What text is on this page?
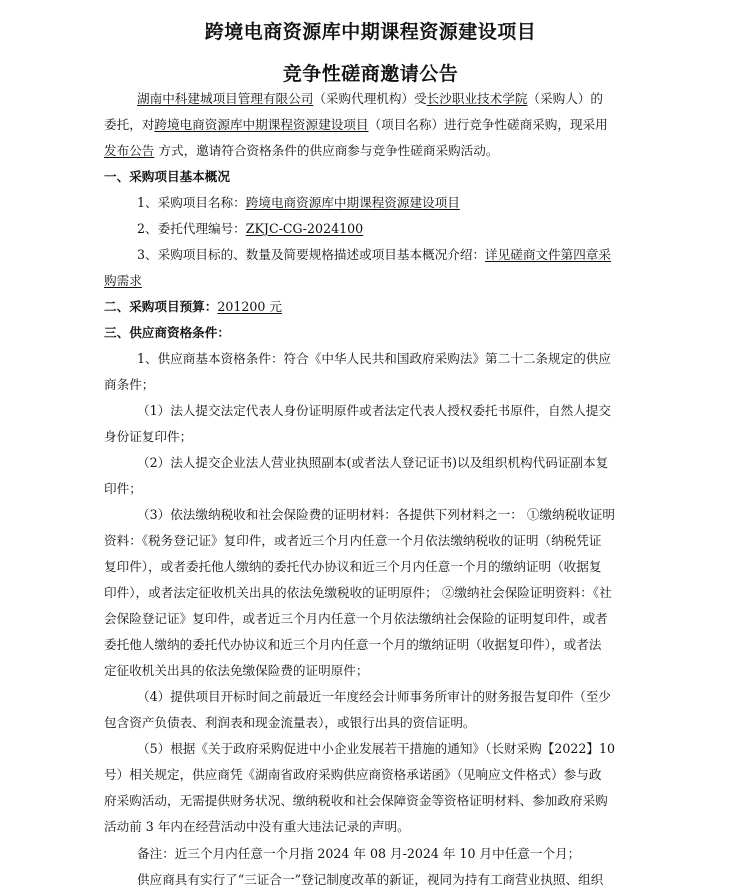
跨境电商资源库中期课程资源建设项目
竞争性磋商邀请公告
湖南中科建城项目管理有限公司（采购代理机构）受长沙职业技术学院（采购人）的
委托，对跨境电商资源库中期课程资源建设项目（项目名称）进行竞争性磋商采购，现采用
发布公告 方式，邀请符合资格条件的供应商参与竞争性磋商采购活动。
一、采购项目基本概况
1、采购项目名称：跨境电商资源库中期课程资源建设项目
2、委托代理编号：ZKJC-CG-2024100
3、采购项目标的、数量及简要规格描述或项目基本概况介绍：详见磋商文件第四章采
购需求
二、采购项目预算：201200 元
三、供应商资格条件：
1、供应商基本资格条件：符合《中华人民共和国政府采购法》第二十二条规定的供应
商条件；
（1）法人提交法定代表人身份证明原件或者法定代表人授权委托书原件，自然人提交
身份证复印件；
（2）法人提交企业法人营业执照副本(或者法人登记证书)以及组织机构代码证副本复
印件；
（3）依法缴纳税收和社会保险费的证明材料：各提供下列材料之一： ①缴纳税收证明
资料：《税务登记证》复印件，或者近三个月内任意一个月依法缴纳税收的证明（纳税凭证
复印件），或者委托他人缴纳的委托代办协议和近三个月内任意一个月的缴纳证明（收据复
印件），或者法定征收机关出具的依法免缴税收的证明原件； ②缴纳社会保险证明资料：《社
会保险登记证》复印件，或者近三个月内任意一个月依法缴纳社会保险的证明复印件，或者
委托他人缴纳的委托代办协议和近三个月内任意一个月的缴纳证明（收据复印件），或者法
定征收机关出具的依法免缴保险费的证明原件；
（4）提供项目开标时间之前最近一年度经会计师事务所审计的财务报告复印件（至少
包含资产负债表、利润表和现金流量表），或银行出具的资信证明。
（5）根据《关于政府采购促进中小企业发展若干措施的通知》（长财采购【2022】10
号）相关规定，供应商凭《湖南省政府采购供应商资格承诺函》（见响应文件格式）参与政
府采购活动，无需提供财务状况、缴纳税收和社会保障资金等资格证明材料、参加政府采购
活动前 3 年内在经营活动中没有重大违法记录的声明。
备注：近三个月内任意一个月指 2024 年 08 月-2024 年 10 月中任意一个月；
供应商具有实行了“三证合一”登记制度改革的新证，视同为持有工商营业执照、组织
